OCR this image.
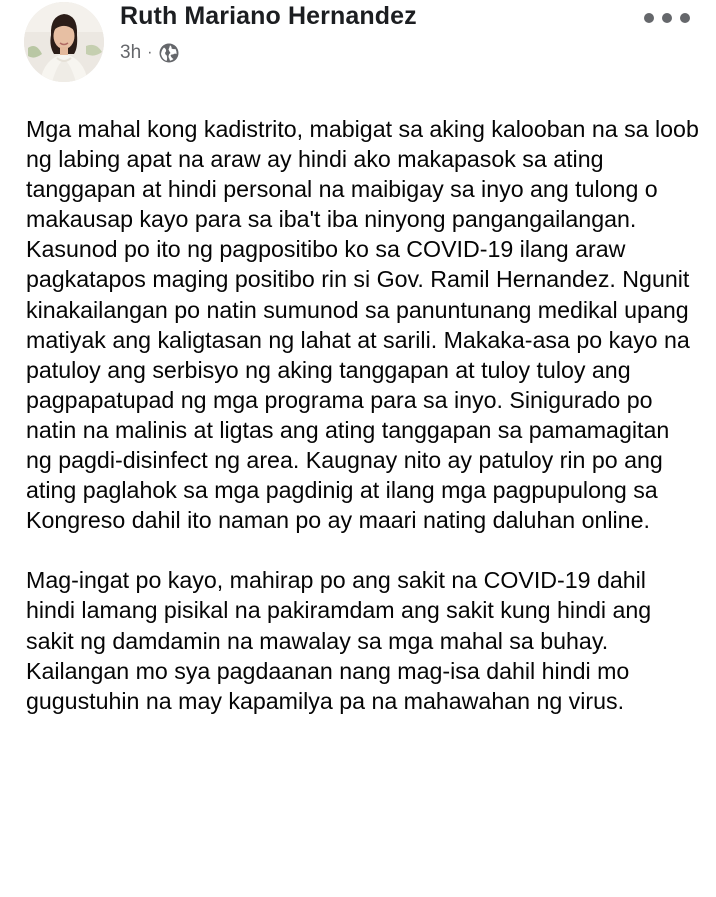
Ruth Mariano Hernandez
3h ·

Mga mahal kong kadistrito, mabigat sa aking kalooban na sa loob ng labing apat na araw ay hindi ako makapasok sa ating tanggapan at hindi personal na maibigay sa inyo ang tulong o makausap kayo para sa iba't iba ninyong pangangailangan. Kasunod po ito ng pagpositibo ko sa COVID-19 ilang araw pagkatapos maging positibo rin si Gov. Ramil Hernandez. Ngunit kinakailangan po natin sumunod sa panuntunang medikal upang matiyak ang kaligtasan ng lahat at sarili. Makaka-asa po kayo na patuloy ang serbisyo ng aking tanggapan at tuloy tuloy ang pagpapatupad ng mga programa para sa inyo. Sinigurado po natin na malinis at ligtas ang ating tanggapan sa pamamagitan ng pagdi-disinfect ng area. Kaugnay nito ay patuloy rin po ang ating paglahok sa mga pagdinig at ilang mga pagpupulong sa Kongreso dahil ito naman po ay maari nating daluhan online.

Mag-ingat po kayo, mahirap po ang sakit na COVID-19 dahil hindi lamang pisikal na pakiramdam ang sakit kung hindi ang sakit ng damdamin na mawalay sa mga mahal sa buhay. Kailangan mo sya pagdaanan nang mag-isa dahil hindi mo gugustuhin na may kapamilya pa na mahawahan ng virus.
